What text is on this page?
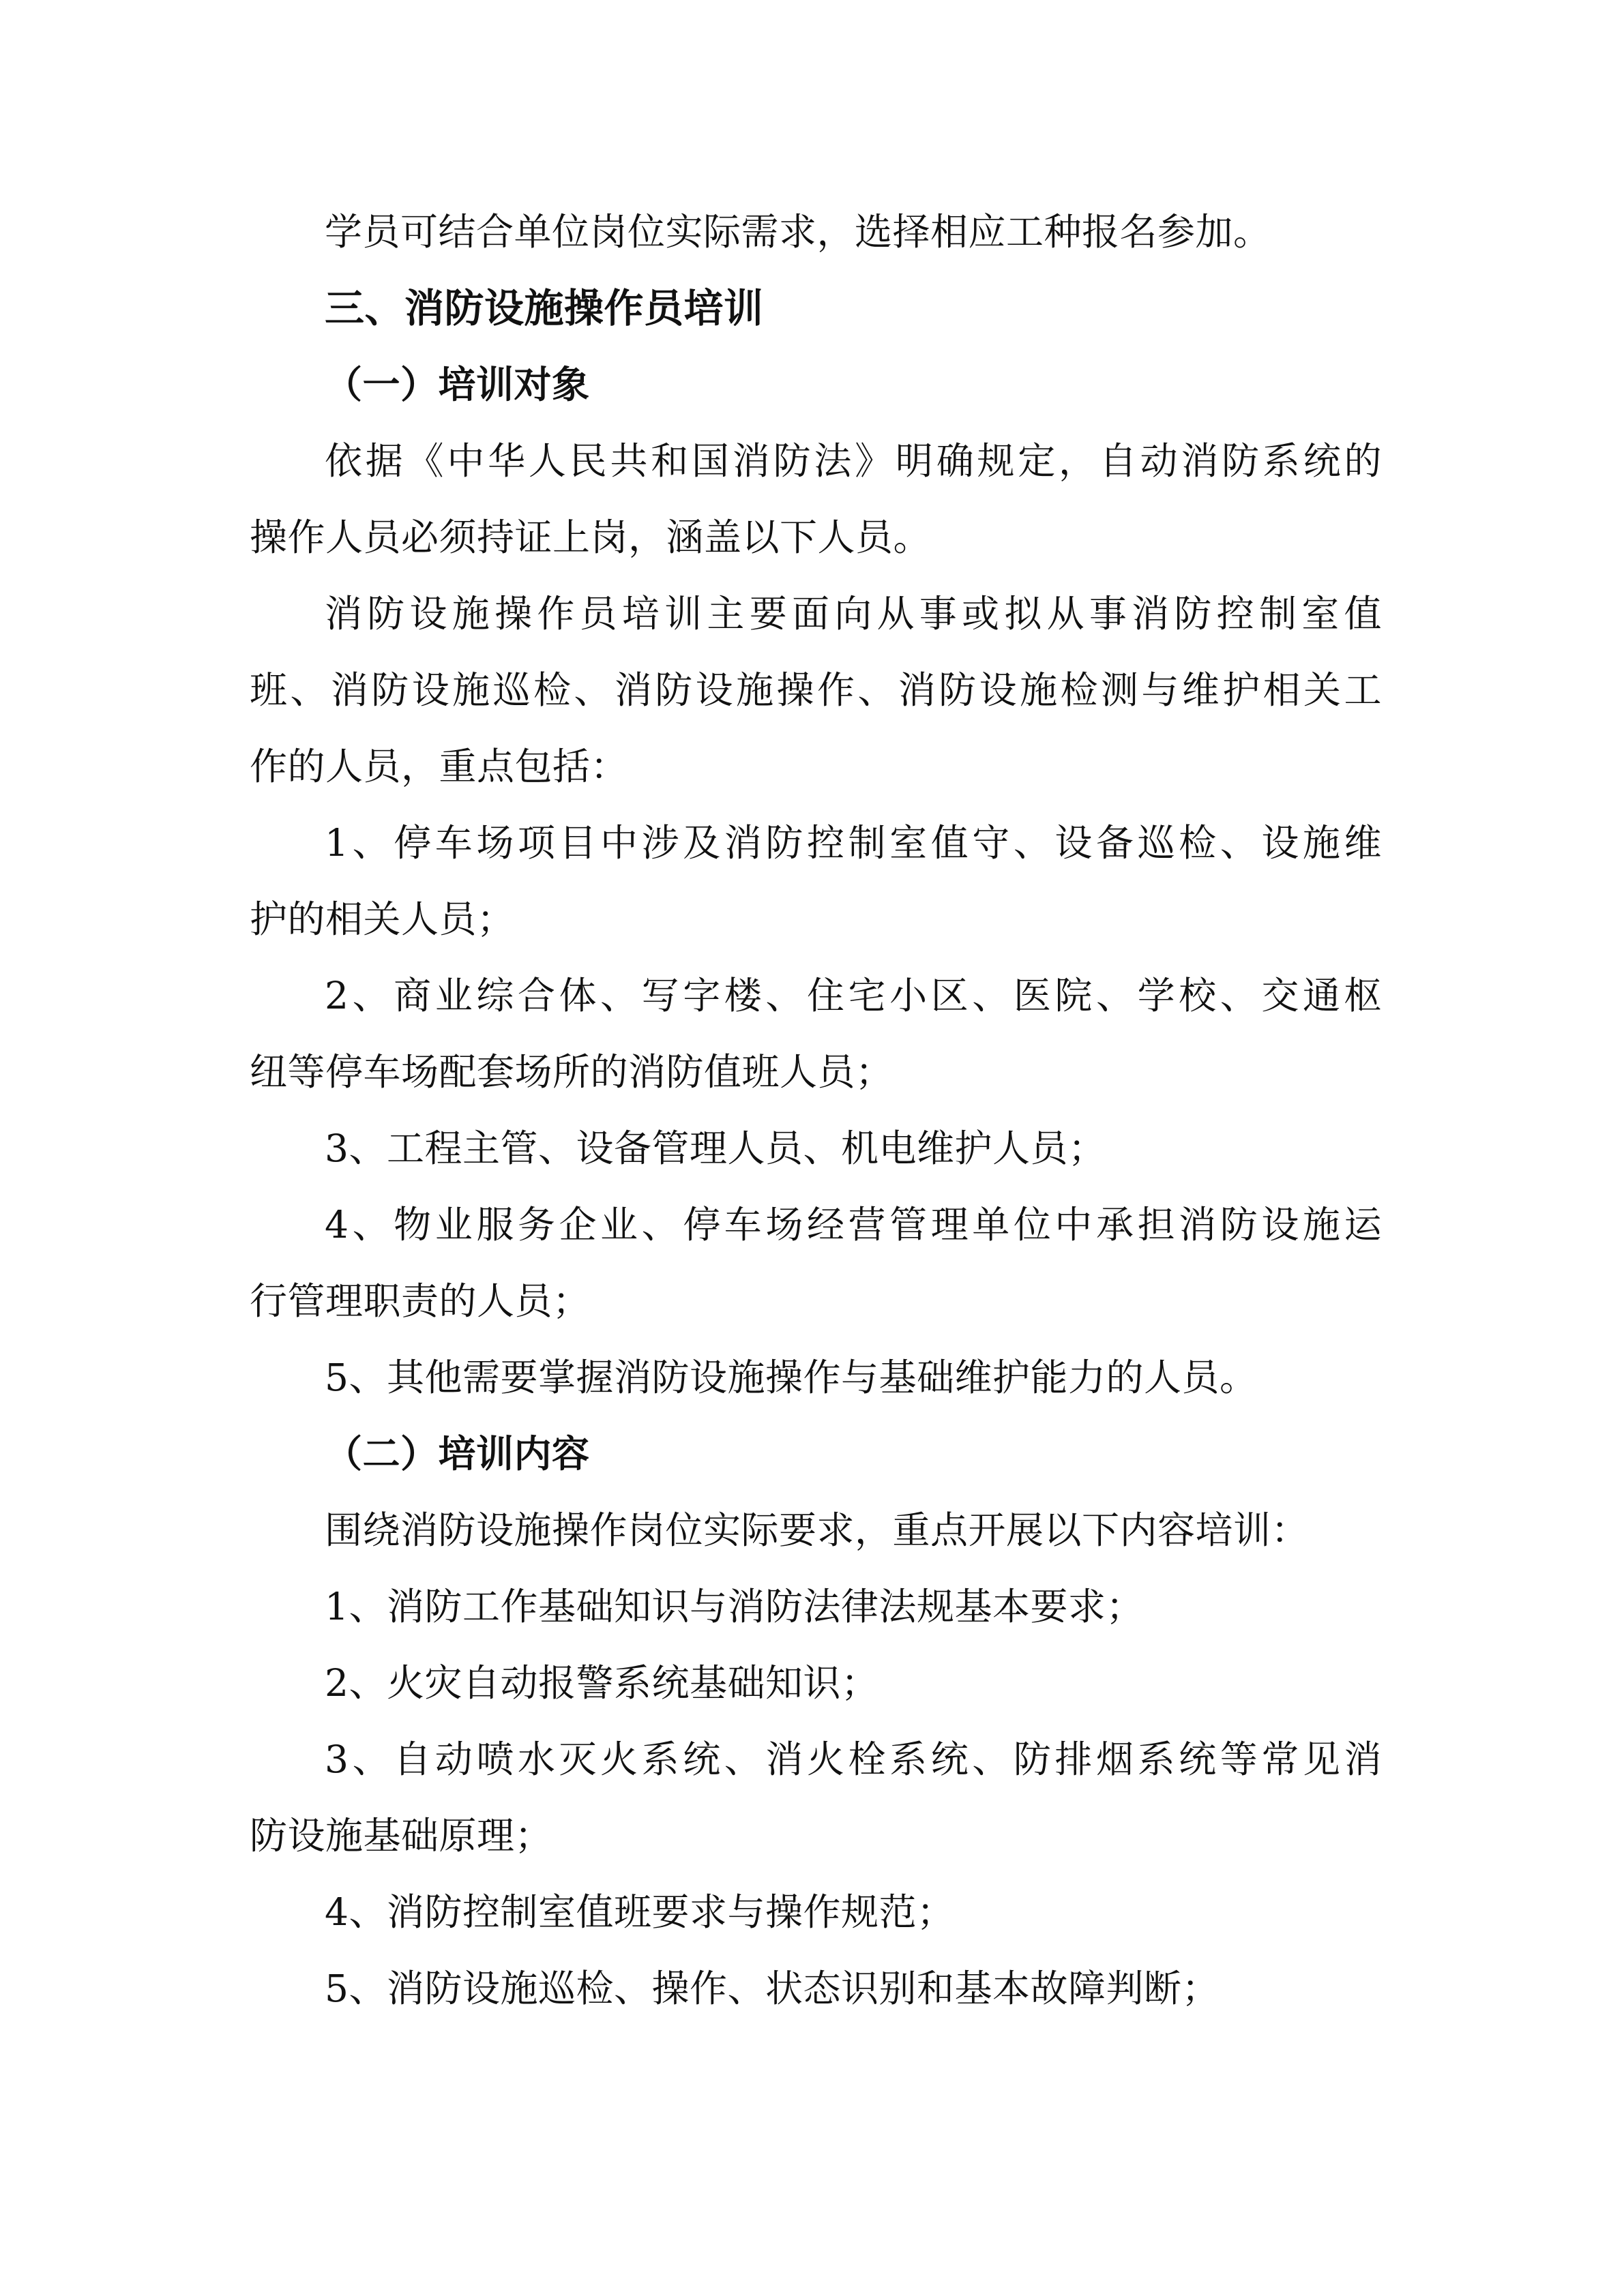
学员可结合单位岗位实际需求，选择相应工种报名参加。
三、消防设施操作员培训
（一）培训对象
依据《中华人民共和国消防法》明确规定，自动消防系统的
操作人员必须持证上岗，涵盖以下人员。
消防设施操作员培训主要面向从事或拟从事消防控制室值
班、消防设施巡检、消防设施操作、消防设施检测与维护相关工
作的人员，重点包括：
1、停车场项目中涉及消防控制室值守、设备巡检、设施维
护的相关人员；
2、商业综合体、写字楼、住宅小区、医院、学校、交通枢
纽等停车场配套场所的消防值班人员；
3、工程主管、设备管理人员、机电维护人员；
4、物业服务企业、停车场经营管理单位中承担消防设施运
行管理职责的人员；
5、其他需要掌握消防设施操作与基础维护能力的人员。
（二）培训内容
围绕消防设施操作岗位实际要求，重点开展以下内容培训：
1、消防工作基础知识与消防法律法规基本要求；
2、火灾自动报警系统基础知识；
3、自动喷水灭火系统、消火栓系统、防排烟系统等常见消
防设施基础原理；
4、消防控制室值班要求与操作规范；
5、消防设施巡检、操作、状态识别和基本故障判断；
